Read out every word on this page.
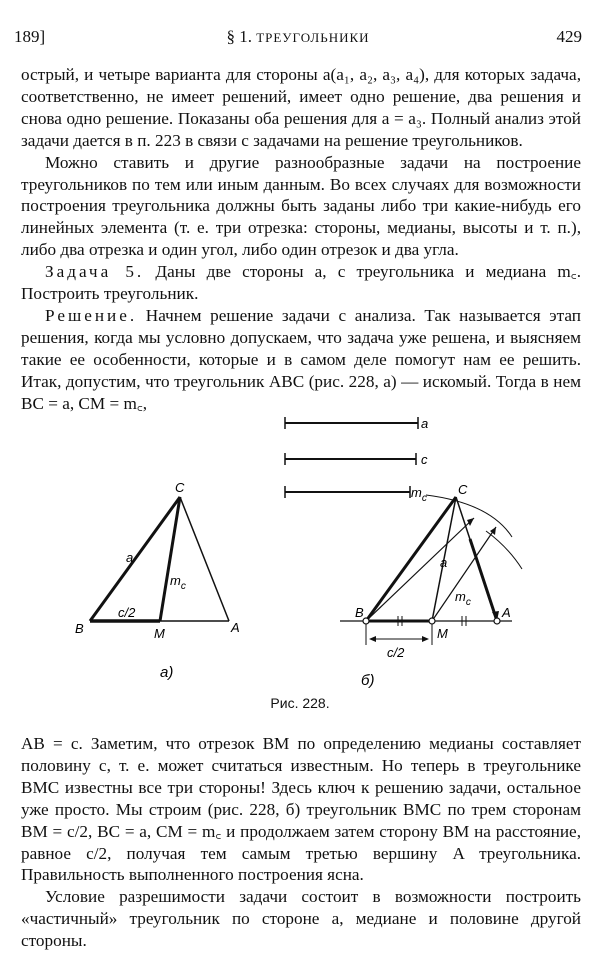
189]	§ 1. ТРЕУГОЛЬНИКИ	429

острый, и четыре варианта для стороны a(a₁, a₂, a₃, a₄), для которых задача, соответственно, не имеет решений, имеет одно решение, два решения и снова одно решение. Показаны оба решения для a = a₃. Полный анализ этой задачи дается в п. 223 в связи с задачами на решение треугольников.

Можно ставить и другие разнообразные задачи на построение треугольников по тем или иным данным. Во всех случаях для возможности построения треугольника должны быть заданы либо три какие-нибудь его линейных элемента (т. е. три отрезка: стороны, медианы, высоты и т. п.), либо два отрезка и один угол, либо один отрезок и два угла.

Задача 5. Даны две стороны a, c треугольника и медиана m꜀. Построить треугольник.

Решение. Начнем решение задачи с анализа. Так называется этап решения, когда мы условно допускаем, что задача уже решена, и выясняем такие ее особенности, которые и в самом деле помогут нам ее решить. Итак, допустим, что треугольник ABC (рис. 228, a) — искомый. Тогда в нем BC = a, CM = m꜀,

a
c
$m_c$
C
B	M	A
a
c/2
$m_c$
a)
C
B
M
A
a
c/2
$m_c$
б)
Рис. 228.

AB = c. Заметим, что отрезок BM по определению медианы составляет половину c, т. е. может считаться известным. Но теперь в треугольнике BMC известны все три стороны! Здесь ключ к решению задачи, остальное уже просто. Мы строим (рис. 228, б) треугольник BMC по трем сторонам BM = c/2, BC = a, CM = m꜀ и продолжаем затем сторону BM на расстояние, равное c/2, получая тем самым третью вершину A треугольника. Правильность выполненного построения ясна.

Условие разрешимости задачи состоит в возможности построить «частичный» треугольник по стороне a, медиане и половине другой стороны.
